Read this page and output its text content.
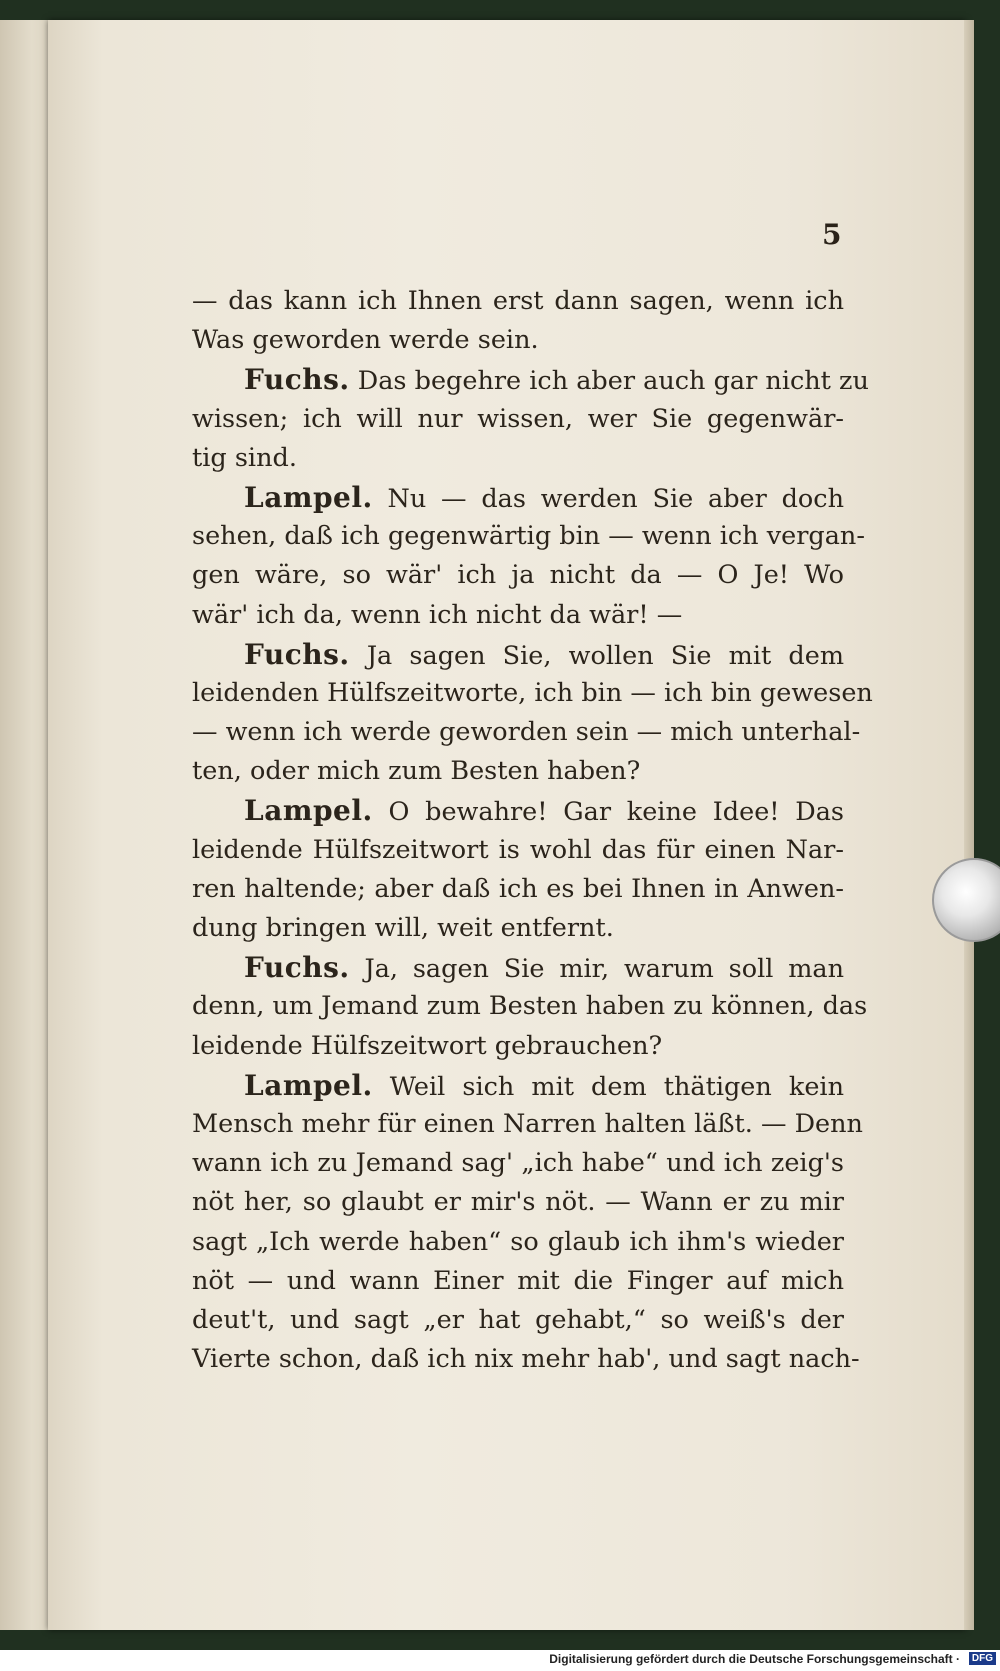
5
— das kann ich Ihnen erst dann sagen, wenn ich
Was geworden werde sein.
Fuchs. Das begehre ich aber auch gar nicht zu
wissen; ich will nur wissen, wer Sie gegenwär-
tig sind.
Lampel. Nu — das werden Sie aber doch
sehen, daß ich gegenwärtig bin — wenn ich vergan-
gen wäre, so wär' ich ja nicht da — O Je! Wo
wär' ich da, wenn ich nicht da wär! —
Fuchs. Ja sagen Sie, wollen Sie mit dem
leidenden Hülfszeitworte, ich bin — ich bin gewesen
— wenn ich werde geworden sein — mich unterhal-
ten, oder mich zum Besten haben?
Lampel. O bewahre! Gar keine Idee! Das
leidende Hülfszeitwort is wohl das für einen Nar-
ren haltende; aber daß ich es bei Ihnen in Anwen-
dung bringen will, weit entfernt.
Fuchs. Ja, sagen Sie mir, warum soll man
denn, um Jemand zum Besten haben zu können, das
leidende Hülfszeitwort gebrauchen?
Lampel. Weil sich mit dem thätigen kein
Mensch mehr für einen Narren halten läßt. — Denn
wann ich zu Jemand sag' „ich habe“ und ich zeig's
nöt her, so glaubt er mir's nöt. — Wann er zu mir
sagt „Ich werde haben“ so glaub ich ihm's wieder
nöt — und wann Einer mit die Finger auf mich
deut't, und sagt „er hat gehabt,“ so weiß's der
Vierte schon, daß ich nix mehr hab', und sagt nach-
Digitalisierung gefördert durch die Deutsche Forschungsgemeinschaft ·	DFG
